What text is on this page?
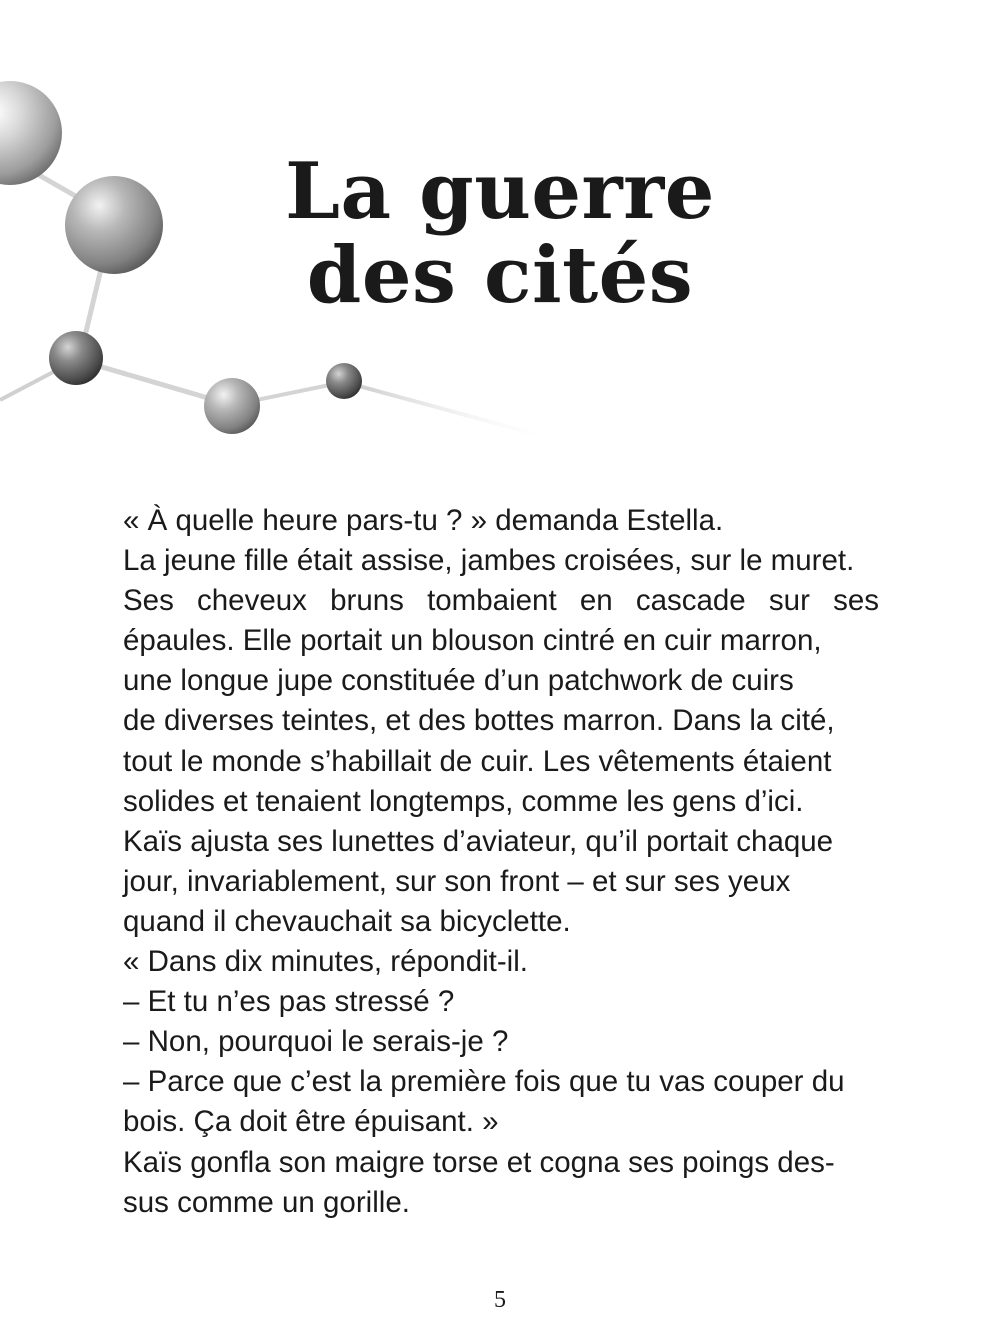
La guerre
des cités
« À quelle heure pars-tu ? » demanda Estella.
La jeune fille était assise, jambes croisées, sur le muret.
Ses cheveux bruns tombaient en cascade sur ses
épaules. Elle portait un blouson cintré en cuir marron,
une longue jupe constituée d’un patchwork de cuirs
de diverses teintes, et des bottes marron. Dans la cité,
tout le monde s’habillait de cuir. Les vêtements étaient
solides et tenaient longtemps, comme les gens d’ici.
Kaïs ajusta ses lunettes d’aviateur, qu’il portait chaque
jour, invariablement, sur son front – et sur ses yeux
quand il chevauchait sa bicyclette.
« Dans dix minutes, répondit-il.
– Et tu n’es pas stressé ?
– Non, pourquoi le serais-je ?
– Parce que c’est la première fois que tu vas couper du
bois. Ça doit être épuisant. »
Kaïs gonfla son maigre torse et cogna ses poings des-
sus comme un gorille.
5
